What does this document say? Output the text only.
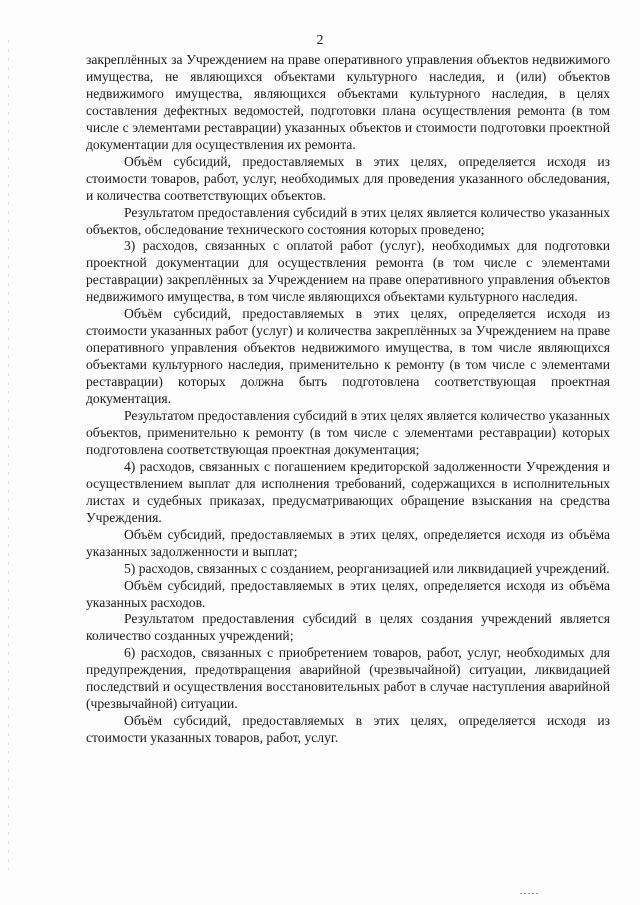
2

закреплённых за Учреждением на праве оперативного управления объектов недвижимого имущества, не являющихся объектами культурного наследия, и (или) объектов недвижимого имущества, являющихся объектами культурного наследия, в целях составления дефектных ведомостей, подготовки плана осуществления ремонта (в том числе с элементами реставрации) указанных объектов и стоимости подготовки проектной документации для осуществления их ремонта.

Объём субсидий, предоставляемых в этих целях, определяется исходя из стоимости товаров, работ, услуг, необходимых для проведения указанного обследования, и количества соответствующих объектов.

Результатом предоставления субсидий в этих целях является количество указанных объектов, обследование технического состояния которых проведено;

3) расходов, связанных с оплатой работ (услуг), необходимых для подготовки проектной документации для осуществления ремонта (в том числе с элементами реставрации) закреплённых за Учреждением на праве оперативного управления объектов недвижимого имущества, в том числе являющихся объектами культурного наследия.

Объём субсидий, предоставляемых в этих целях, определяется исходя из стоимости указанных работ (услуг) и количества закреплённых за Учреждением на праве оперативного управления объектов недвижимого имущества, в том числе являющихся объектами культурного наследия, применительно к ремонту (в том числе с элементами реставрации) которых должна быть подготовлена соответствующая проектная документация.

Результатом предоставления субсидий в этих целях является количество указанных объектов, применительно к ремонту (в том числе с элементами реставрации) которых подготовлена соответствующая проектная документация;

4) расходов, связанных с погашением кредиторской задолженности Учреждения и осуществлением выплат для исполнения требований, содержащихся в исполнительных листах и судебных приказах, предусматривающих обращение взыскания на средства Учреждения.

Объём субсидий, предоставляемых в этих целях, определяется исходя из объёма указанных задолженности и выплат;

5) расходов, связанных с созданием, реорганизацией или ликвидацией учреждений.

Объём субсидий, предоставляемых в этих целях, определяется исходя из объёма указанных расходов.

Результатом предоставления субсидий в целях создания учреждений является количество созданных учреждений;

6) расходов, связанных с приобретением товаров, работ, услуг, необходимых для предупреждения, предотвращения аварийной (чрезвычайной) ситуации, ликвидацией последствий и осуществления восстановительных работ в случае наступления аварийной (чрезвычайной) ситуации.

Объём субсидий, предоставляемых в этих целях, определяется исходя из стоимости указанных товаров, работ, услуг.
